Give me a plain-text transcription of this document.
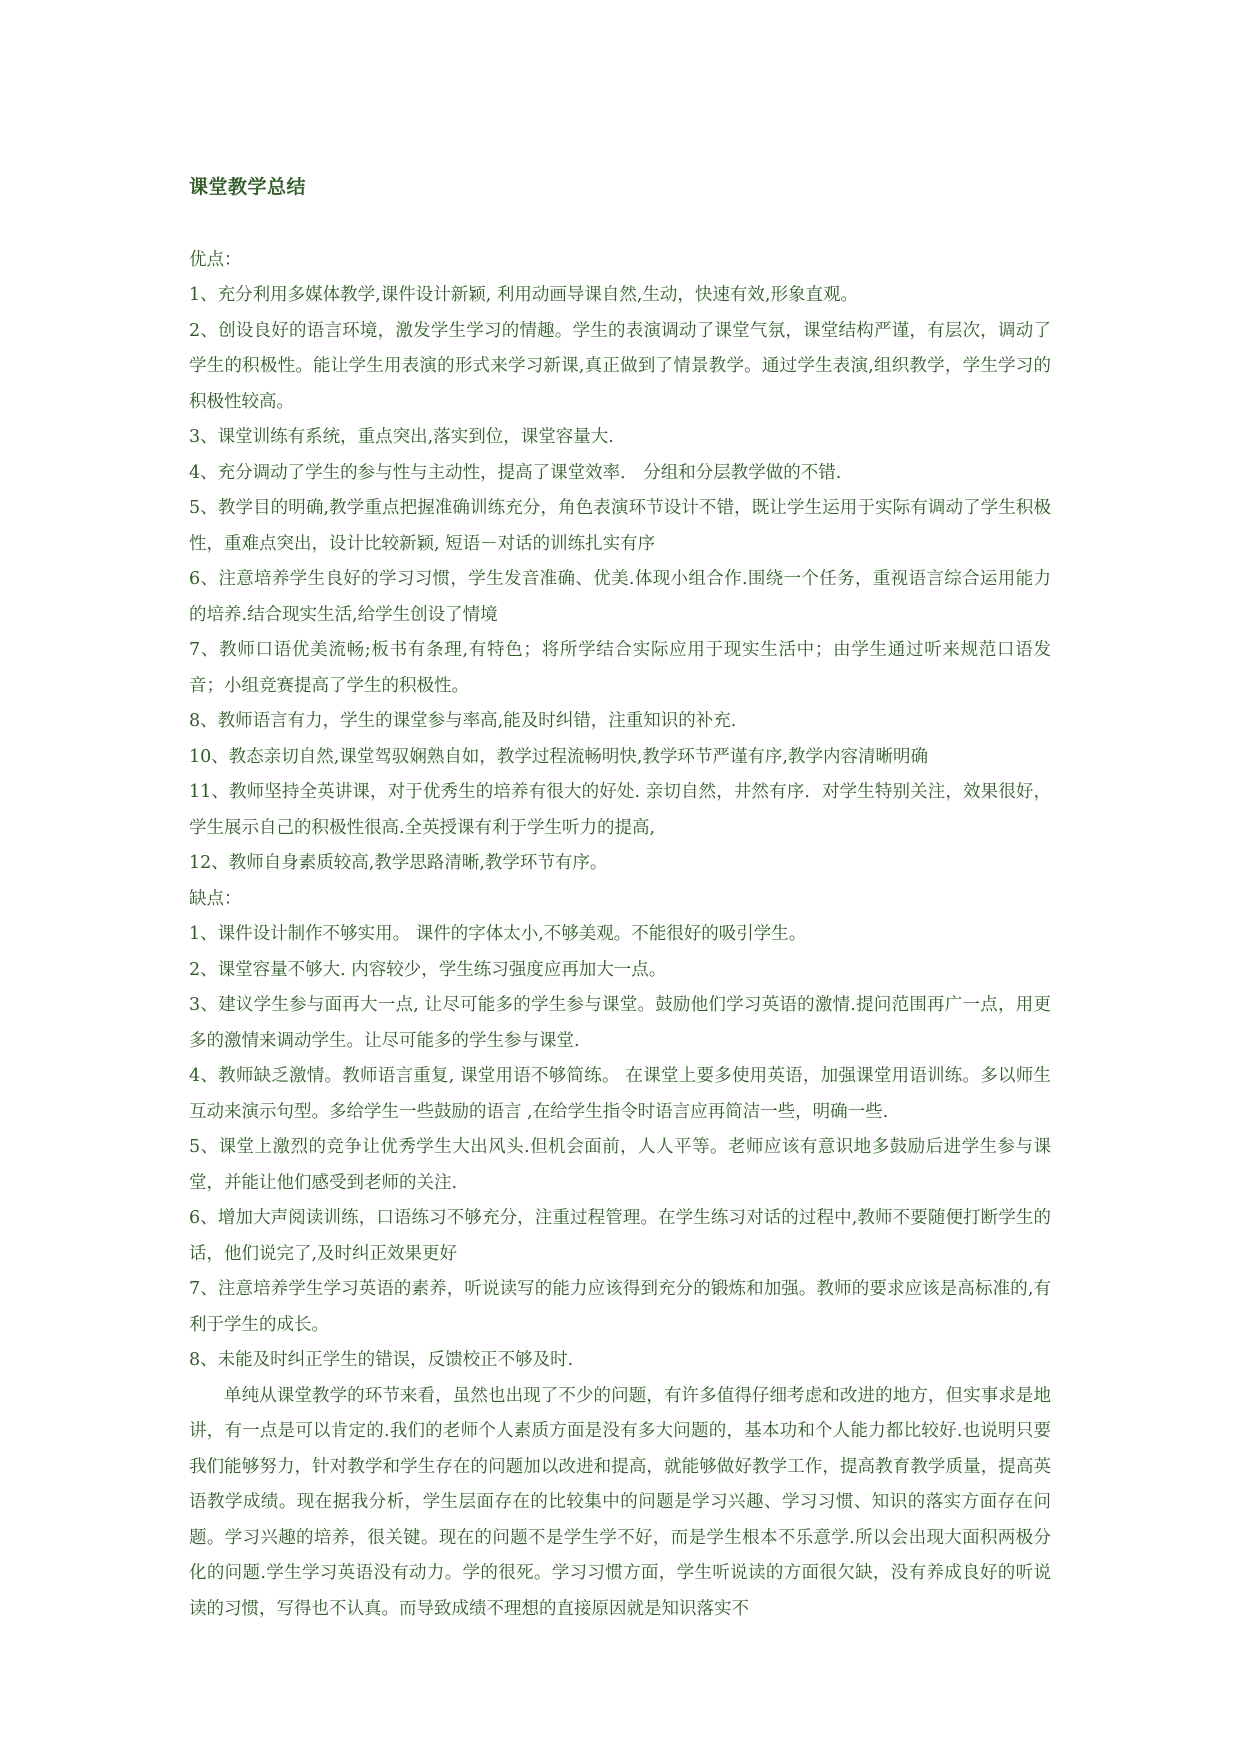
课堂教学总结

优点：

1、充分利用多媒体教学,课件设计新颖, 利用动画导课自然,生动，快速有效,形象直观。

2、创设良好的语言环境，激发学生学习的情趣。学生的表演调动了课堂气氛，课堂结构严谨，有层次，调动了学生的积极性。能让学生用表演的形式来学习新课,真正做到了情景教学。通过学生表演,组织教学，学生学习的积极性较高。

3、课堂训练有系统，重点突出,落实到位，课堂容量大.

4、充分调动了学生的参与性与主动性，提高了课堂效率． 分组和分层教学做的不错.

5、教学目的明确,教学重点把握准确训练充分，角色表演环节设计不错，既让学生运用于实际有调动了学生积极性，重难点突出，设计比较新颖, 短语－对话的训练扎实有序

6、注意培养学生良好的学习习惯，学生发音准确、优美.体现小组合作.围绕一个任务，重视语言综合运用能力的培养.结合现实生活,给学生创设了情境

7、教师口语优美流畅;板书有条理,有特色；将所学结合实际应用于现实生活中；由学生通过听来规范口语发音；小组竞赛提高了学生的积极性。

8、教师语言有力，学生的课堂参与率高,能及时纠错，注重知识的补充.

10、教态亲切自然,课堂驾驭娴熟自如，教学过程流畅明快,教学环节严谨有序,教学内容清晰明确

11、教师坚持全英讲课，对于优秀生的培养有很大的好处. 亲切自然，井然有序．对学生特别关注，效果很好，学生展示自己的积极性很高.全英授课有利于学生听力的提高,

12、教师自身素质较高,教学思路清晰,教学环节有序。

缺点：

1、课件设计制作不够实用。 课件的字体太小,不够美观。不能很好的吸引学生。

2、课堂容量不够大. 内容较少，学生练习强度应再加大一点。

3、建议学生参与面再大一点, 让尽可能多的学生参与课堂。鼓励他们学习英语的激情.提问范围再广一点，用更多的激情来调动学生。让尽可能多的学生参与课堂.

4、教师缺乏激情。教师语言重复, 课堂用语不够简练。 在课堂上要多使用英语，加强课堂用语训练。多以师生互动来演示句型。多给学生一些鼓励的语言 ,在给学生指令时语言应再简洁一些，明确一些.

5、课堂上激烈的竞争让优秀学生大出风头.但机会面前，人人平等。老师应该有意识地多鼓励后进学生参与课堂，并能让他们感受到老师的关注.

6、增加大声阅读训练，口语练习不够充分，注重过程管理。在学生练习对话的过程中,教师不要随便打断学生的话，他们说完了,及时纠正效果更好

7、注意培养学生学习英语的素养，听说读写的能力应该得到充分的锻炼和加强。教师的要求应该是高标准的,有利于学生的成长。

8、未能及时纠正学生的错误，反馈校正不够及时.

单纯从课堂教学的环节来看，虽然也出现了不少的问题，有许多值得仔细考虑和改进的地方，但实事求是地讲，有一点是可以肯定的.我们的老师个人素质方面是没有多大问题的，基本功和个人能力都比较好.也说明只要我们能够努力，针对教学和学生存在的问题加以改进和提高，就能够做好教学工作，提高教育教学质量，提高英语教学成绩。现在据我分析，学生层面存在的比较集中的问题是学习兴趣、学习习惯、知识的落实方面存在问题。学习兴趣的培养，很关键。现在的问题不是学生学不好，而是学生根本不乐意学.所以会出现大面积两极分化的问题.学生学习英语没有动力。学的很死。学习习惯方面，学生听说读的方面很欠缺，没有养成良好的听说读的习惯，写得也不认真。而导致成绩不理想的直接原因就是知识落实不
